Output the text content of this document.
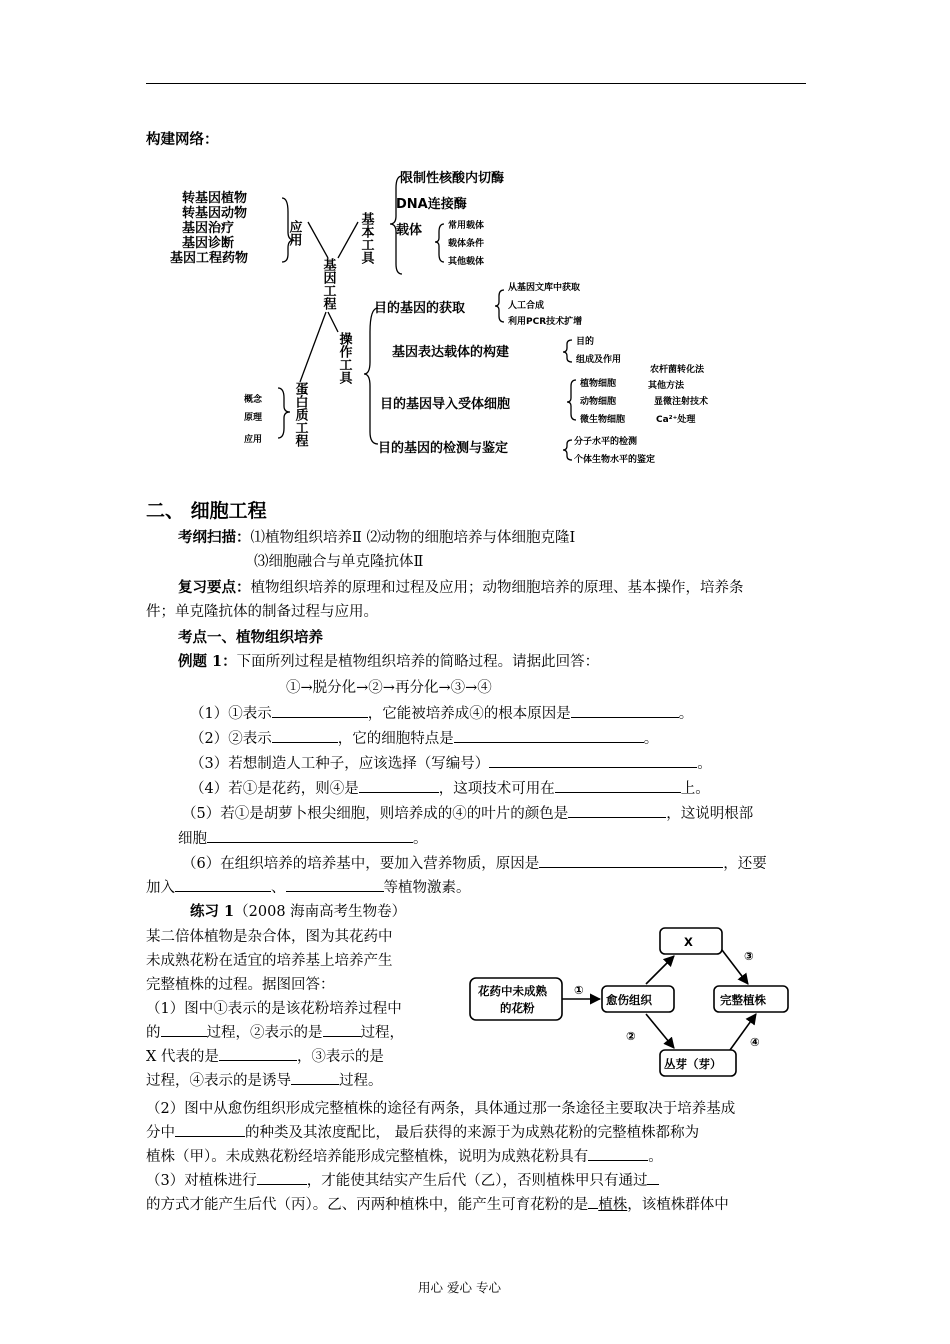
构建网络：
转基因植物
转基因动物
基因治疗
基因诊断
基因工程药物
应用	基本工具
基因工程
操作工具
蛋白质工程
限制性核酸内切酶
DNA连接酶
载体	常用载体
载体条件
其他载体
目的基因的获取
基因表达载体的构建
目的基因导入受体细胞
目的基因的检测与鉴定
从基因文库中获取
人工合成
利用PCR技术扩增
目的
组成及作用
植物细胞
动物细胞
微生物细胞
农杆菌转化法
其他方法
显微注射技术
Ca²⁺处理
分子水平的检测
个体生物水平的鉴定
概念
原理
应用
二、 细胞工程
考纲扫描：⑴植物组织培养Ⅱ ⑵动物的细胞培养与体细胞克隆Ⅰ
⑶细胞融合与单克隆抗体Ⅱ
复习要点：植物组织培养的原理和过程及应用；动物细胞培养的原理、基本操作，培养条
件；单克隆抗体的制备过程与应用。
考点一、植物组织培养
例题 1：下面所列过程是植物组织培养的简略过程。请据此回答：
①→脱分化→②→再分化→③→④
（1）①表示	，它能被培养成④的根本原因是	。
（2）②表示	，它的细胞特点是	。
（3）若想制造人工种子，应该选择（写编号）	。
（4）若①是花药，则④是	，这项技术可用在	上。
（5）若①是胡萝卜根尖细胞，则培养成的④的叶片的颜色是	，这说明根部
细胞	。
（6）在组织培养的培养基中，要加入营养物质，原因是	，还要
加入	、	等植物激素。
练习 1（2008 海南高考生物卷）
某二倍体植物是杂合体，图为其花药中
未成熟花粉在适宜的培养基上培养产生
完整植株的过程。据图回答：
（1）图中①表示的是该花粉培养过程中
的	过程，②表示的是	过程，
X 代表的是	，③表示的是
过程，④表示的是诱导	过程。
花药中未成熟
的花粉
愈伤组织
X
完整植株
丛芽（芽）
①
②
③
④
（2）图中从愈伤组织形成完整植株的途径有两条，具体通过那一条途径主要取决于培养基成
分中	的种类及其浓度配比， 最后获得的来源于为成熟花粉的完整植株都称为
植株（甲）。未成熟花粉经培养能形成完整植株，说明为成熟花粉具有	。
（3）对植株进行	，才能使其结实产生后代（乙），否则植株甲只有通过
的方式才能产生后代（丙）。乙、丙两种植株中，能产生可育花粉的是 植株，该植株群体中
用心 爱心 专心
